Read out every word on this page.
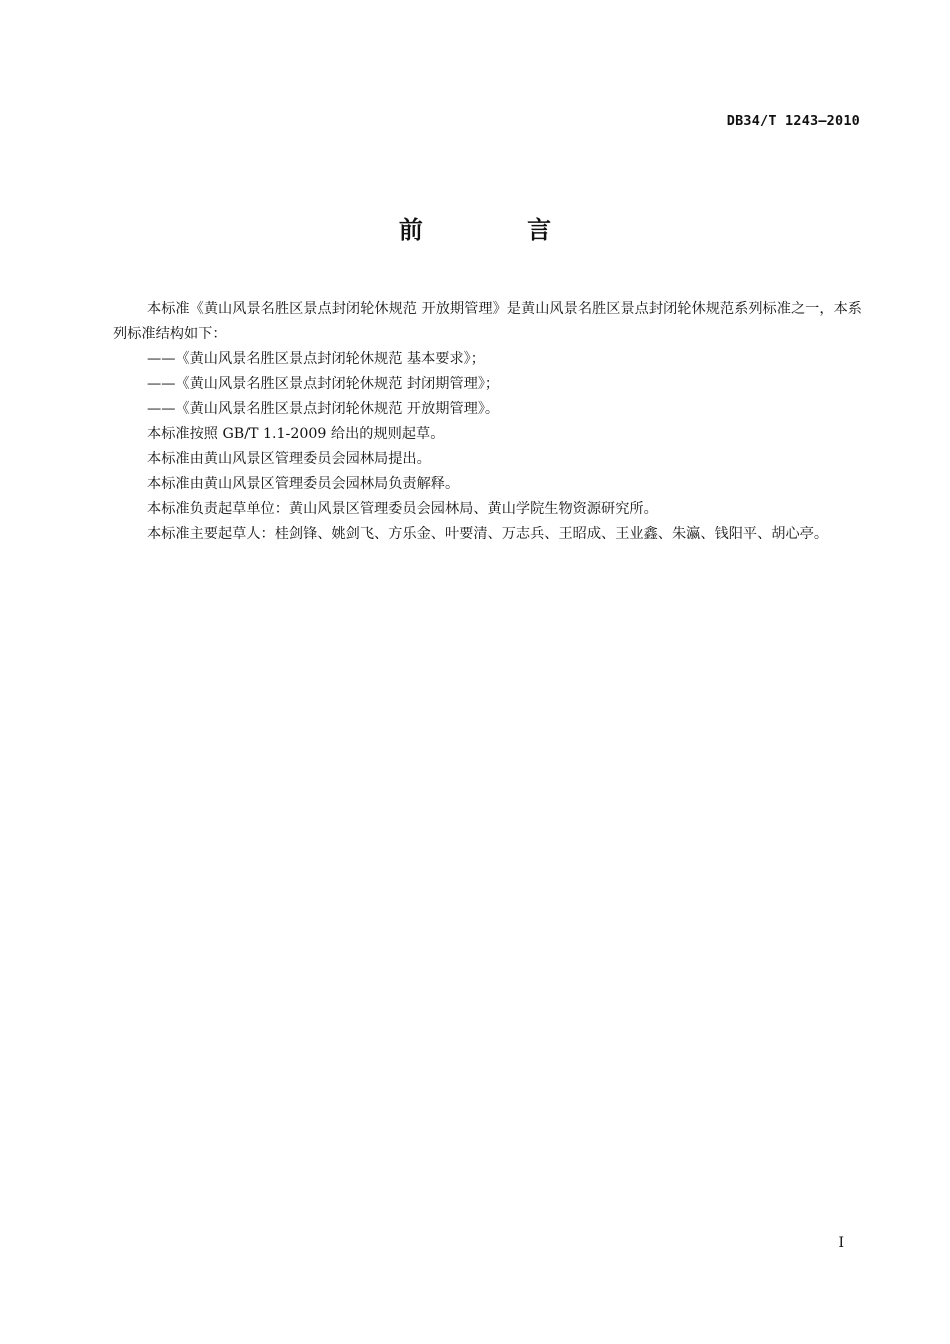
DB34/T 1243—2010
前 言

本标准《黄山风景名胜区景点封闭轮休规范 开放期管理》是黄山风景名胜区景点封闭轮休规范系列标准之一，本系列标准结构如下：

——《黄山风景名胜区景点封闭轮休规范 基本要求》；

——《黄山风景名胜区景点封闭轮休规范 封闭期管理》；

——《黄山风景名胜区景点封闭轮休规范 开放期管理》。

本标准按照 GB/T 1.1-2009 给出的规则起草。

本标准由黄山风景区管理委员会园林局提出。

本标准由黄山风景区管理委员会园林局负责解释。

本标准负责起草单位：黄山风景区管理委员会园林局、黄山学院生物资源研究所。

本标准主要起草人：桂剑锋、姚剑飞、方乐金、叶要清、万志兵、王昭成、王业鑫、朱瀛、钱阳平、胡心亭。

I
